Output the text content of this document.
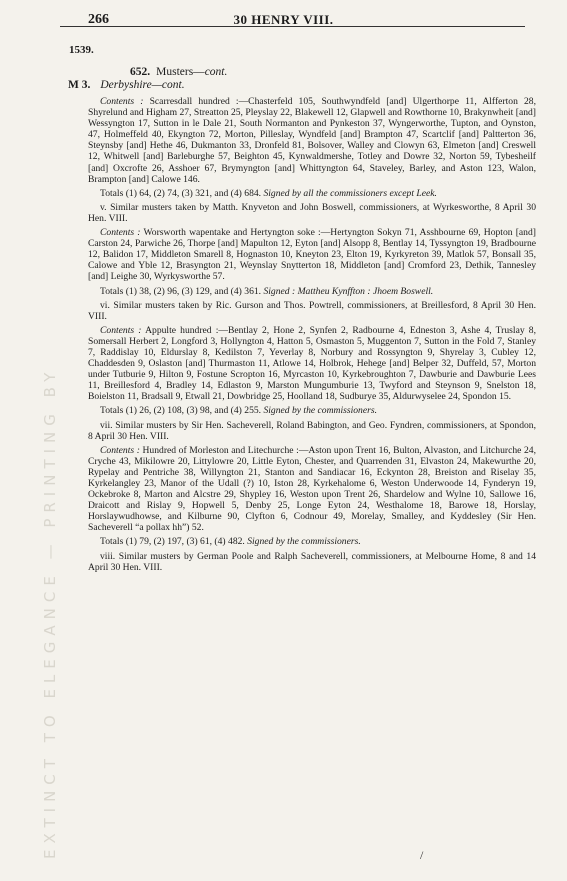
EXTINCT TO ELEGANCE — PRINTING BY
266	30 HENRY VIII.
1539.
652. Musters—cont.
M 3. Derbyshire—cont.

Contents : Scarresdall hundred :—Chasterfeld 105, Southwyndfeld [and] Ulgerthorpe 11, Alfferton 28, Shyrelund and Higham 27, Streatton 25, Pleyslay 22, Blakewell 12, Glapwell and Rowthorne 10, Brakynwheit [and] Wessyngton 17, Sutton in le Dale 21, South Normanton and Pynkeston 37, Wyngerworthe, Tupton, and Oynston, 47, Holmeffeld 40, Ekyngton 72, Morton, Pilleslay, Wyndfeld [and] Brampton 47, Scartclif [and] Paltterton 36, Steynsby [and] Hethe 46, Dukmanton 33, Dronfeld 81, Bolsover, Walley and Clowyn 63, Elmeton [and] Creswell 12, Whitwell [and] Barleburghe 57, Beighton 45, Kynwaldmershe, Totley and Dowre 32, Norton 59, Tybesheilf [and] Oxcrofte 26, Asshoer 67, Brymyngton [and] Whittyngton 64, Staveley, Barley, and Aston 123, Walon, Brampton [and] Calowe 146.

Totals (1) 64, (2) 74, (3) 321, and (4) 684. Signed by all the commissioners except Leek.

v. Similar musters taken by Matth. Knyveton and John Boswell, commissioners, at Wyrkesworthe, 8 April 30 Hen. VIII.

Contents : Worsworth wapentake and Hertyngton soke :—Hertyngton Sokyn 71, Asshbourne 69, Hopton [and] Carston 24, Parwiche 26, Thorpe [and] Mapulton 12, Eyton [and] Alsopp 8, Bentlay 14, Tyssyngton 19, Bradbourne 12, Balidon 17, Middleton Smarell 8, Hognaston 10, Kneyton 23, Elton 19, Kyrkyreton 39, Matlok 57, Bonsall 35, Calowe and Yble 12, Brasyngton 21, Weynslay Snytterton 18, Middleton [and] Cromford 23, Dethik, Tannesley [and] Leighe 30, Wyrkysworthe 57.

Totals (1) 38, (2) 96, (3) 129, and (4) 361. Signed : Mattheu Kynffton : Jhoem Boswell.

vi. Similar musters taken by Ric. Gurson and Thos. Powtrell, commissioners, at Breillesford, 8 April 30 Hen. VIII.

Contents : Appulte hundred :—Bentlay 2, Hone 2, Synfen 2, Radbourne 4, Edneston 3, Ashe 4, Truslay 8, Somersall Herbert 2, Longford 3, Hollyngton 4, Hatton 5, Osmaston 5, Muggenton 7, Sutton in the Fold 7, Stanley 7, Raddislay 10, Eldurslay 8, Kedilston 7, Yeverlay 8, Norbury and Rossyngton 9, Shyrelay 3, Cubley 12, Chaddesden 9, Oslaston [and] Thurmaston 11, Atlowe 14, Holbrok, Hehege [and] Belper 32, Duffeld, 57, Morton under Tutburie 9, Hilton 9, Fostune Scropton 16, Myrcaston 10, Kyrkebroughton 7, Dawburie and Dawburie Lees 11, Breillesford 4, Bradley 14, Edlaston 9, Marston Mungumburie 13, Twyford and Steynson 9, Snelston 18, Boielston 11, Bradsall 9, Etwall 21, Dowbridge 25, Hoolland 18, Sudburye 35, Aldurwyselee 24, Spondon 15.

Totals (1) 26, (2) 108, (3) 98, and (4) 255. Signed by the commissioners.

vii. Similar musters by Sir Hen. Sacheverell, Roland Babington, and Geo. Fyndren, commissioners, at Spondon, 8 April 30 Hen. VIII.

Contents : Hundred of Morleston and Litechurche :—Aston upon Trent 16, Bulton, Alvaston, and Litchurche 24, Cryche 43, Mikilowre 20, Littylowre 20, Little Eyton, Chester, and Quarrenden 31, Elvaston 24, Makewurthe 20, Rypelay and Pentriche 38, Willyngton 21, Stanton and Sandiacar 16, Eckynton 28, Breiston and Riselay 35, Kyrkelangley 23, Manor of the Udall (?) 10, Iston 28, Kyrkehalome 6, Weston Underwoode 14, Fynderyn 19, Ockebroke 8, Marton and Alcstre 29, Shypley 16, Weston upon Trent 26, Shardelow and Wylne 10, Sallowe 16, Draicott and Rislay 9, Hopwell 5, Denby 25, Longe Eyton 24, Westhalome 18, Barowe 18, Horslay, Horslaywudhowse, and Kilburne 90, Clyfton 6, Codnour 49, Morelay, Smalley, and Kyddesley (Sir Hen. Sacheverell “a pollax hh”) 52.

Totals (1) 79, (2) 197, (3) 61, (4) 482. Signed by the commissioners.

viii. Similar musters by German Poole and Ralph Sacheverell, commissioners, at Melbourne Home, 8 and 14 April 30 Hen. VIII.

/
